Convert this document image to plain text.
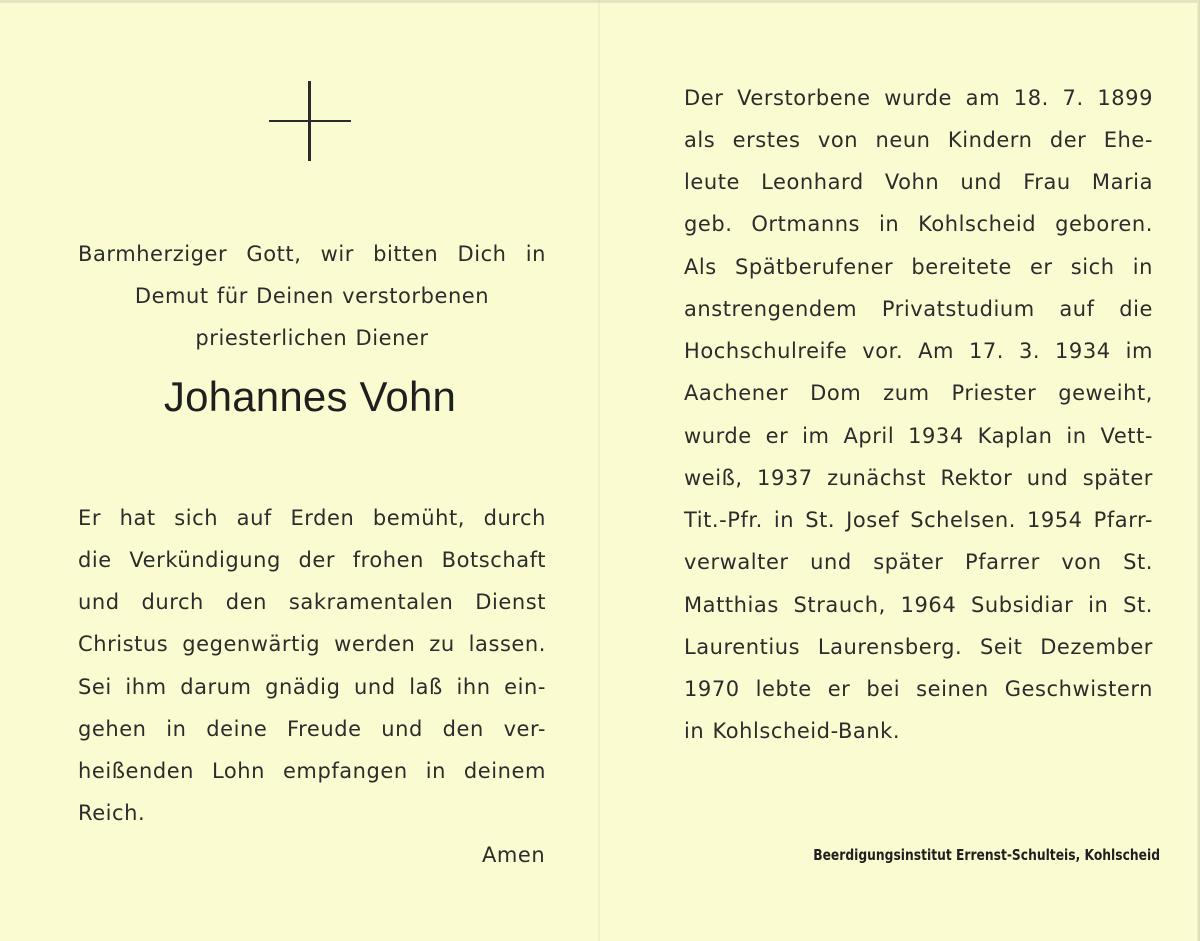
Barmherziger Gott, wir bitten Dich in
Demut für Deinen verstorbenen
priesterlichen Diener
Johannes Vohn
Er hat sich auf Erden bemüht, durch
die Verkündigung der frohen Botschaft
und durch den sakramentalen Dienst
Christus gegenwärtig werden zu lassen.
Sei ihm darum gnädig und laß ihn ein-
gehen in deine Freude und den ver-
heißenden Lohn empfangen in deinem
Reich.
Amen
Der Verstorbene wurde am 18. 7. 1899
als erstes von neun Kindern der Ehe-
leute Leonhard Vohn und Frau Maria
geb. Ortmanns in Kohlscheid geboren.
Als Spätberufener bereitete er sich in
anstrengendem Privatstudium auf die
Hochschulreife vor. Am 17. 3. 1934 im
Aachener Dom zum Priester geweiht,
wurde er im April 1934 Kaplan in Vett-
weiß, 1937 zunächst Rektor und später
Tit.-Pfr. in St. Josef Schelsen. 1954 Pfarr-
verwalter und später Pfarrer von St.
Matthias Strauch, 1964 Subsidiar in St.
Laurentius Laurensberg. Seit Dezember
1970 lebte er bei seinen Geschwistern
in Kohlscheid-Bank.
Beerdigungsinstitut Errenst-Schulteis, Kohlscheid
